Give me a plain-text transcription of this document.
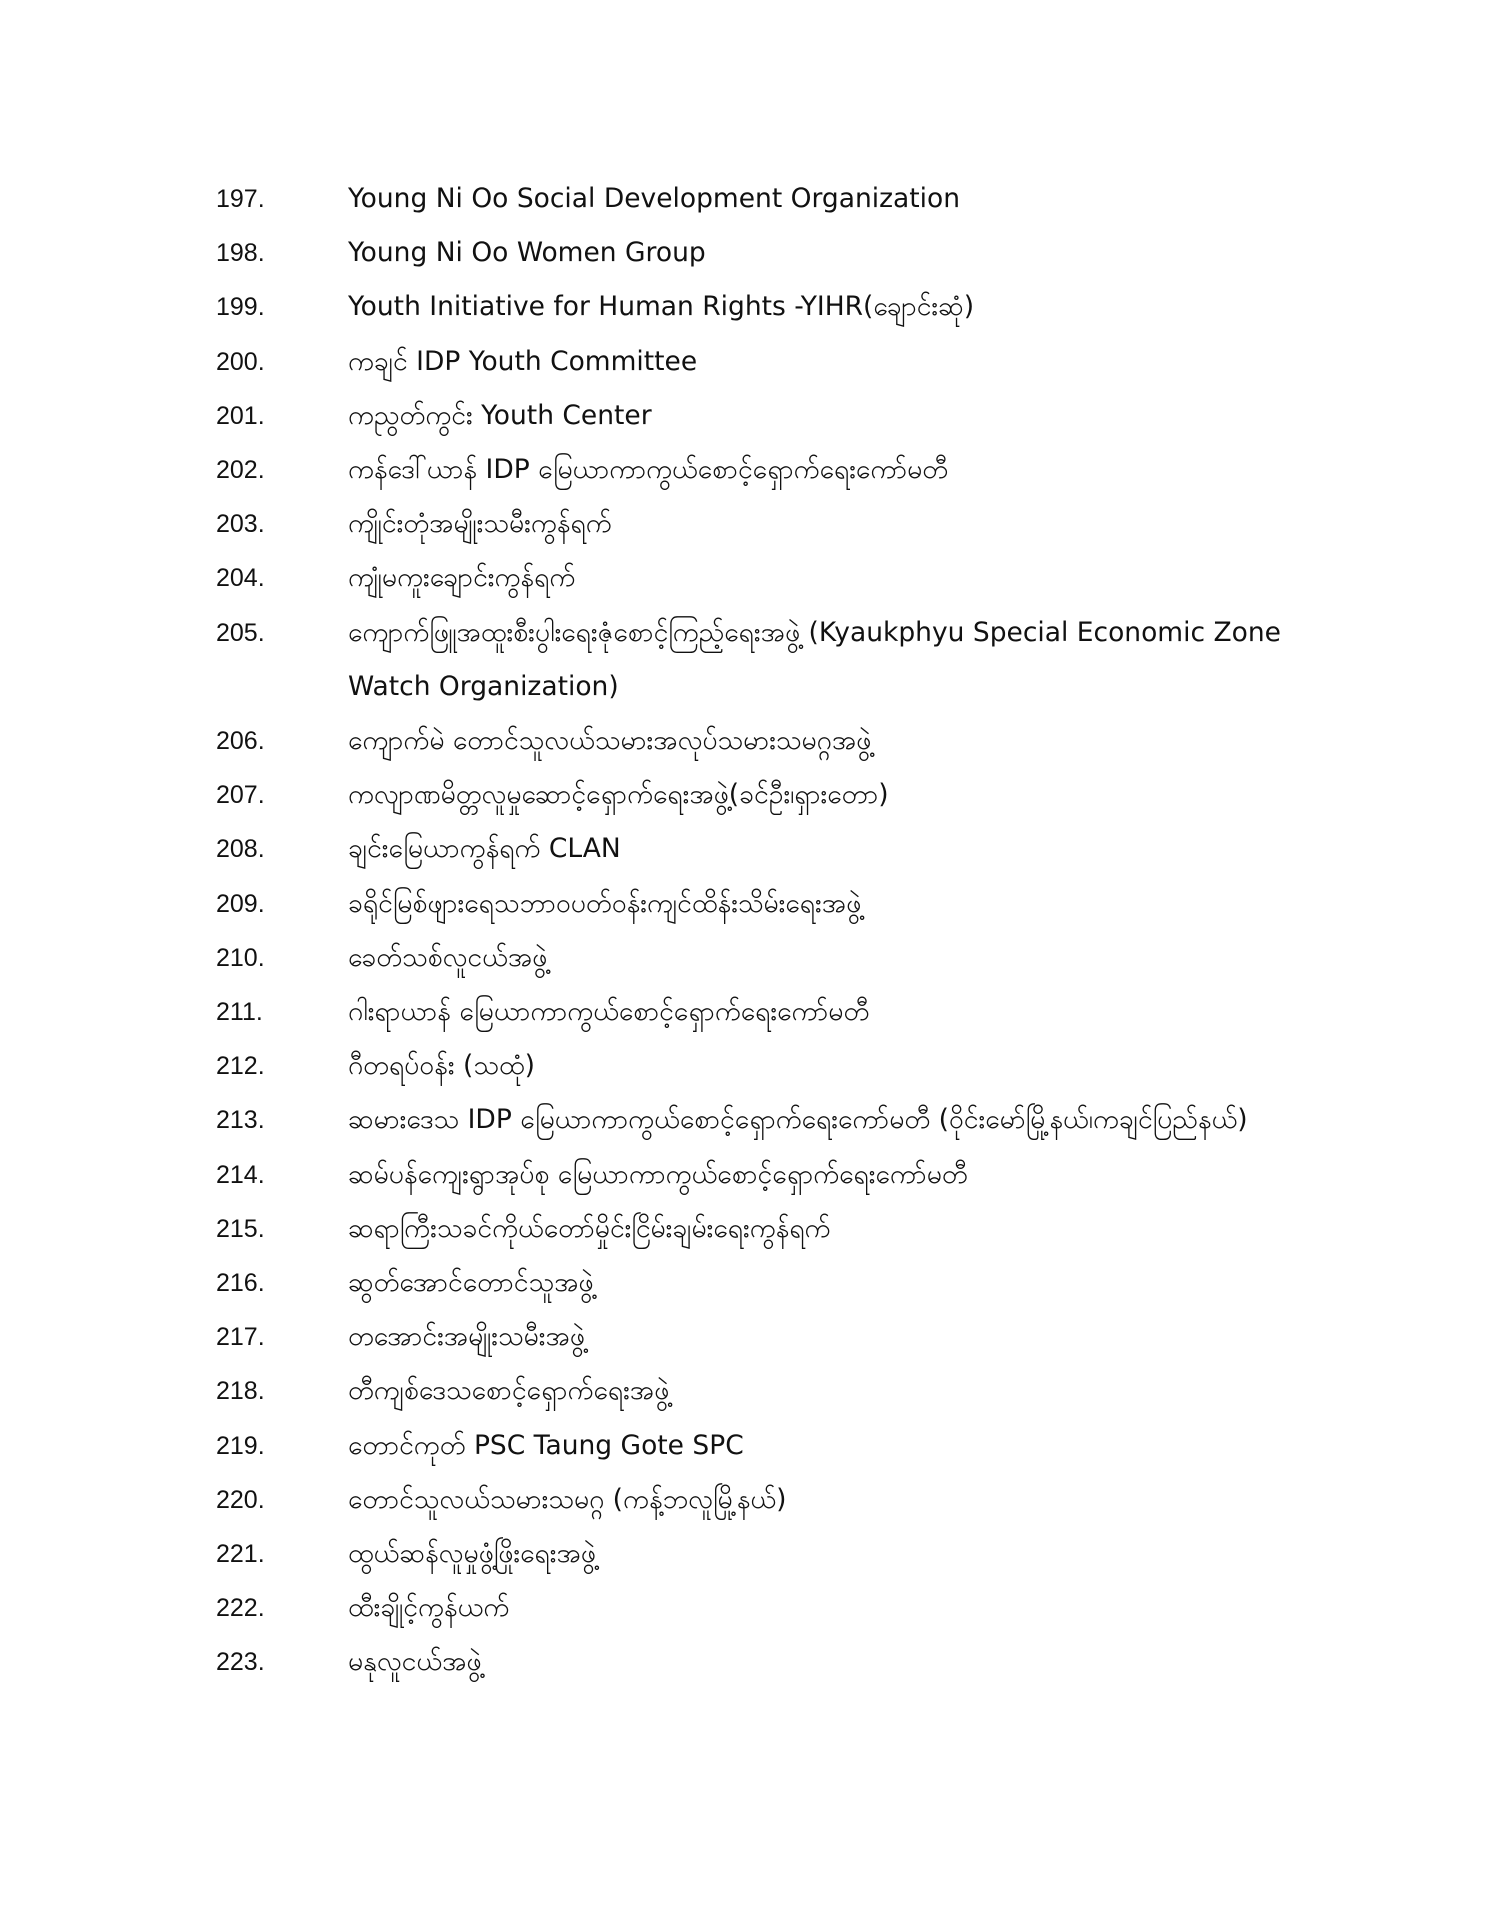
197.	Young Ni Oo Social Development Organization
198.	Young Ni Oo Women Group
199.	Youth Initiative for Human Rights -YIHR(ချောင်းဆုံ)
200.	ကချင် IDP Youth Committee
201.	ကညွတ်ကွင်း Youth Center
202.	ကန်ဒေါ်ယာန် IDP မြေယာကာကွယ်စောင့်ရှောက်ရေးကော်မတီ
203.	ကျိုင်းတုံအမျိုးသမီးကွန်ရက်
204.	ကျုံမကူးချောင်းကွန်ရက်
205.	ကျောက်ဖြူအထူးစီးပွါးရေးဇုံစောင့်ကြည့်ရေးအဖွဲ့ (Kyaukphyu Special Economic Zone Watch Organization)
206.	ကျောက်မဲ တောင်သူလယ်သမားအလုပ်သမားသမဂ္ဂအဖွဲ့
207.	ကလျာဏမိတ္တလူမှုဆောင့်ရှောက်ရေးအဖွဲ့(ခင်ဦး၊ရှားတော)
208.	ချင်းမြေယာကွန်ရက် CLAN
209.	ခရိုင်မြစ်ဖျားရေသဘာဝပတ်ဝန်းကျင်ထိန်းသိမ်းရေးအဖွဲ့
210.	ခေတ်သစ်လူငယ်အဖွဲ့
211.	ဂါးရာယာန် မြေယာကာကွယ်စောင့်ရှောက်ရေးကော်မတီ
212.	ဂီတရပ်ဝန်း (သထုံ)
213.	ဆမားဒေသ IDP မြေယာကာကွယ်စောင့်ရှောက်ရေးကော်မတီ (ဝိုင်းမော်မြို့နယ်၊ကချင်ပြည်နယ်)
214.	ဆမ်ပန်ကျေးရွာအုပ်စု မြေယာကာကွယ်စောင့်ရှောက်ရေးကော်မတီ
215.	ဆရာကြီးသခင်ကိုယ်တော်မှိုင်းငြိမ်းချမ်းရေးကွန်ရက်
216.	ဆွတ်အောင်တောင်သူအဖွဲ့
217.	တအောင်းအမျိုးသမီးအဖွဲ့
218.	တီကျစ်ဒေသစောင့်ရှောက်ရေးအဖွဲ့
219.	တောင်ကုတ် PSC Taung Gote SPC
220.	တောင်သူလယ်သမားသမဂ္ဂ (ကန့်ဘလူမြို့နယ်)
221.	ထွယ်ဆန်လူမှုဖွံ့ဖြိုးရေးအဖွဲ့
222.	ထီးချိုင့်ကွန်ယက်
223.	မနုလူငယ်အဖွဲ့
